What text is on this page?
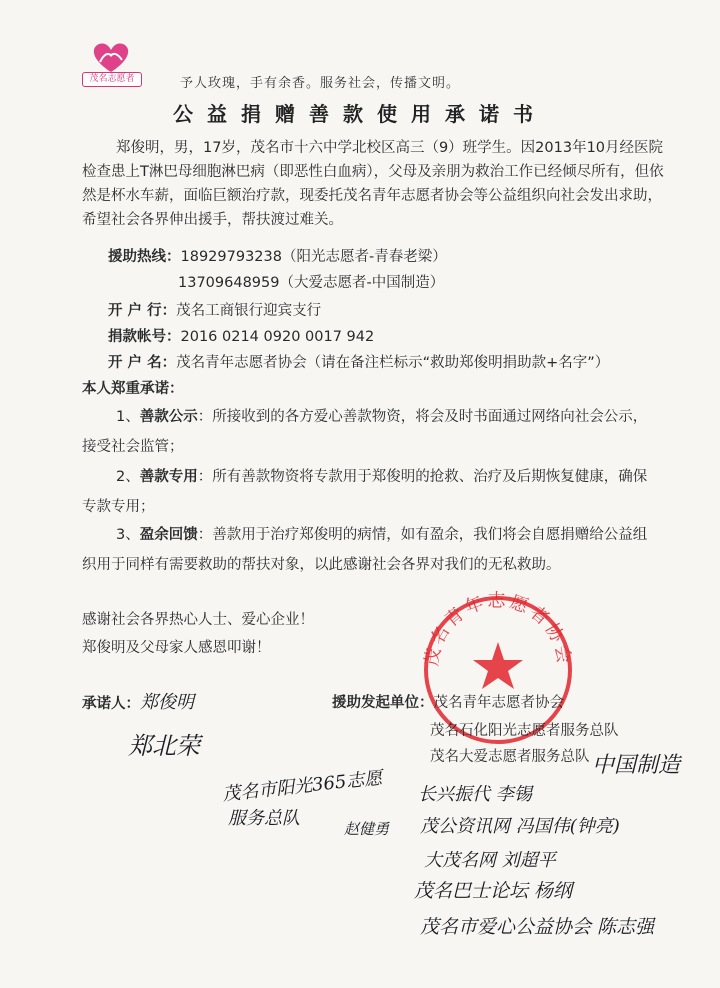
茂名志愿者	予人玫瑰，手有余香。服务社会，传播文明。
公益捐赠善款使用承诺书
郑俊明，男，17岁，茂名市十六中学北校区高三（9）班学生。因2013年10月经医院检查患上T淋巴母细胞淋巴病（即恶性白血病），父母及亲朋为救治工作已经倾尽所有，但依然是杯水车薪，面临巨额治疗款，现委托茂名青年志愿者协会等公益组织向社会发出求助，希望社会各界伸出援手，帮扶渡过难关。
援助热线：18929793238（阳光志愿者-青春老梁）
13709648959（大爱志愿者-中国制造）
开 户 行：茂名工商银行迎宾支行
捐款帐号：2016 0214 0920 0017 942
开 户 名：茂名青年志愿者协会（请在备注栏标示“救助郑俊明捐助款+名字”）
本人郑重承诺：
1、善款公示：所接收到的各方爱心善款物资，将会及时书面通过网络向社会公示，
接受社会监管；
2、善款专用：所有善款物资将专款用于郑俊明的抢救、治疗及后期恢复健康，确保
专款专用；
3、盈余回馈：善款用于治疗郑俊明的病情，如有盈余，我们将会自愿捐赠给公益组
织用于同样有需要救助的帮扶对象，以此感谢社会各界对我们的无私救助。
感谢社会各界热心人士、爱心企业！
郑俊明及父母家人感恩叩谢！	茂名青年志愿者协会
承诺人：郑俊明
郑北荣
援助发起单位：茂名青年志愿者协会
茂名石化阳光志愿者服务总队
茂名大爱志愿者服务总队 中国制造
茂名市阳光365志愿
服务总队	赵健勇
长兴振代 李锡
茂公资讯网 冯国伟(钟亮)
大茂名网 刘超平
茂名巴士论坛 杨纲
茂名市爱心公益协会 陈志强
